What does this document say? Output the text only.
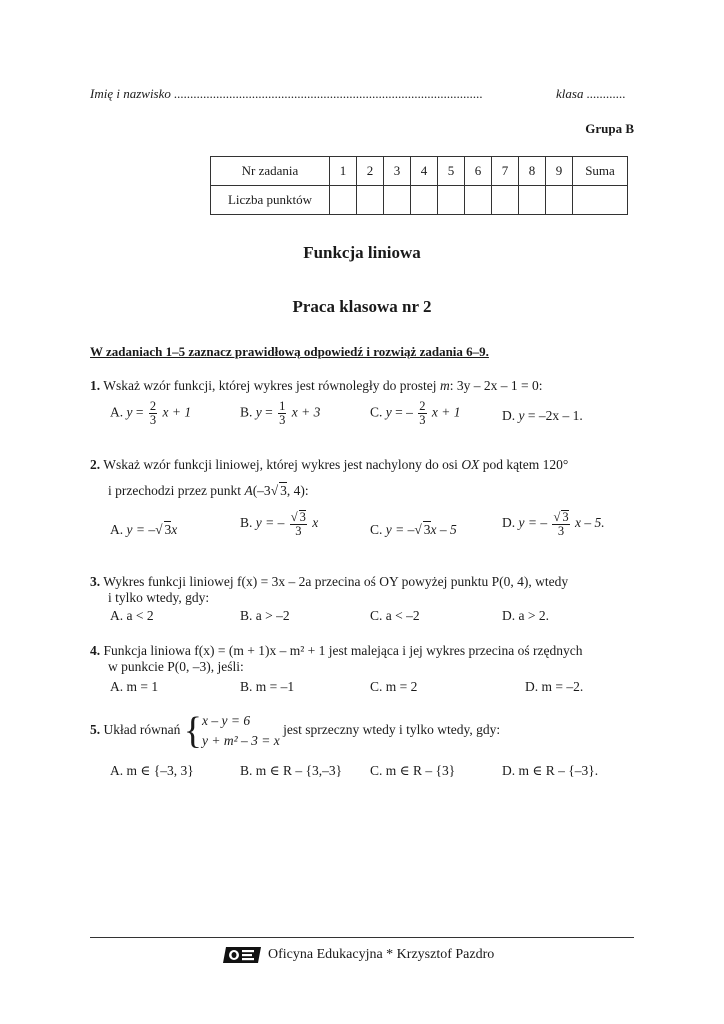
Imię i nazwisko ...............................................................................................	klasa ............
Grupa B
Nr zadania	1	2	3	4	5	6	7	8	9	Suma
Liczba punktów										
Funkcja liniowa
Praca klasowa nr 2
W zadaniach 1–5 zaznacz prawidłową odpowiedź i rozwiąż zadania 6–9.
1. Wskaż wzór funkcji, której wykres jest równoległy do prostej m: 3y – 2x – 1 = 0:
A. $y = \frac{2}{3}$ x + 1	B. $y = \frac{1}{3}$ x + 3	C. y = – $\frac{2}{3}$ x + 1	D. y = –2x – 1.
2. Wskaż wzór funkcji liniowej, której wykres jest nachylony do osi OX pod kątem 120°
i przechodzi przez punkt A(–3√ 3, 4):
A. y = –√ 3x	B. y = – $\frac{√ 3}{3}$ x	C. y = –√ 3x – 5	D. y = – $\frac{√ 3}{3}$ x – 5.
3. Wykres funkcji liniowej f(x) = 3x – 2a przecina oś OY powyżej punktu P(0, 4), wtedy
i tylko wtedy, gdy:
A. a < 2	B. a > –2	C. a < –2	D. a > 2.
4. Funkcja liniowa f(x) = (m + 1)x – m² + 1 jest malejąca i jej wykres przecina oś rzędnych
w punkcie P(0, –3), jeśli:
A. m = 1	B. m = –1	C. m = 2	D. m = –2.
5. Układ równań { x – y = 6
y + m² – 3 = x
jest sprzeczny wtedy i tylko wtedy, gdy:
A. m ∈ {–3, 3}	B. m ∈ R – {3,–3} C. m ∈ R – {3}	D. m ∈ R – {–3}.
Oficyna Edukacyjna * Krzysztof Pazdro
